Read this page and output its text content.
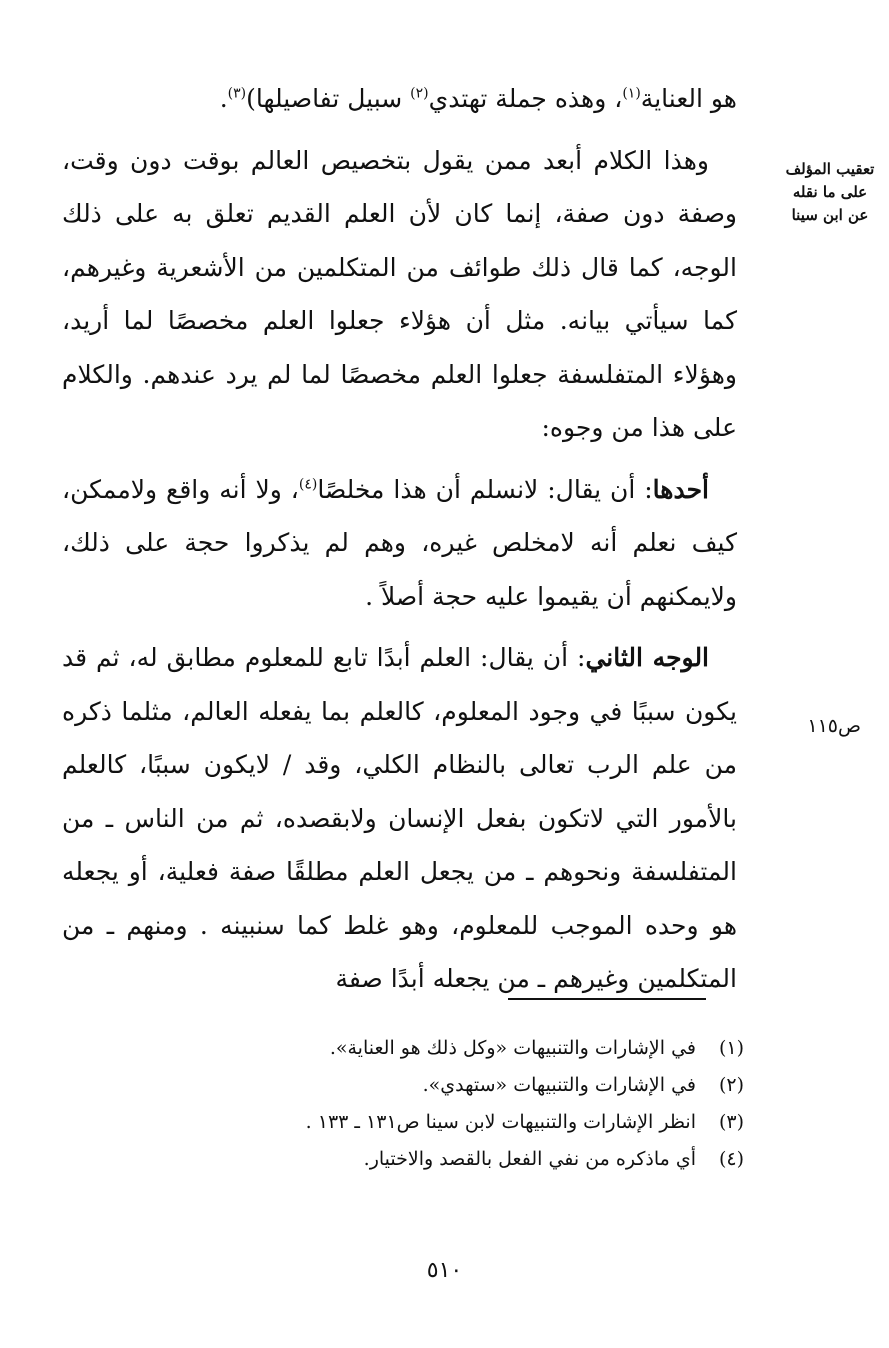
تعقيب المؤلف على ما نقله عن ابن سينا
ص١١٥

هو العناية$^{(١)}$، وهذه جملة تهتدي$^{(٢)}$ سبيل تفاصيلها)$^{(٣)}$.

وهذا الكلام أبعد ممن يقول بتخصيص العالم بوقت دون وقت، وصفة دون صفة، إنما كان لأن العلم القديم تعلق به على ذلك الوجه، كما قال ذلك طوائف من المتكلمين من الأشعرية وغيرهم، كما سيأتي بيانه. مثل أن هؤلاء جعلوا العلم مخصصًا لما أريد، وهؤلاء المتفلسفة جعلوا العلم مخصصًا لما لم يرد عندهم. والكلام على هذا من وجوه:

أحدها: أن يقال: لانسلم أن هذا مخلصًا$^{(٤)}$، ولا أنه واقع ولاممكن، كيف نعلم أنه لامخلص غيره، وهم لم يذكروا حجة على ذلك، ولايمكنهم أن يقيموا عليه حجة أصلاً .

الوجه الثاني: أن يقال: العلم أبدًا تابع للمعلوم مطابق له، ثم قد يكون سببًا في وجود المعلوم، كالعلم بما يفعله العالم، مثلما ذكره من علم الرب تعالى بالنظام الكلي، وقد / لايكون سببًا، كالعلم بالأمور التي لاتكون بفعل الإنسان ولابقصده، ثم من الناس ـ من المتفلسفة ونحوهم ـ من يجعل العلم مطلقًا صفة فعلية، أو يجعله هو وحده الموجب للمعلوم، وهو غلط كما سنبينه . ومنهم ـ من المتكلمين وغيرهم ـ من يجعله أبدًا صفة

(١)
في الإشارات والتنبيهات «وكل ذلك هو العناية».
(٢)
في الإشارات والتنبيهات «ستهدي».
(٣)
انظر الإشارات والتنبيهات لابن سينا ص١٣١ ـ ١٣٣ .
(٤)
أي ماذكره من نفي الفعل بالقصد والاختيار.
٥١٠
